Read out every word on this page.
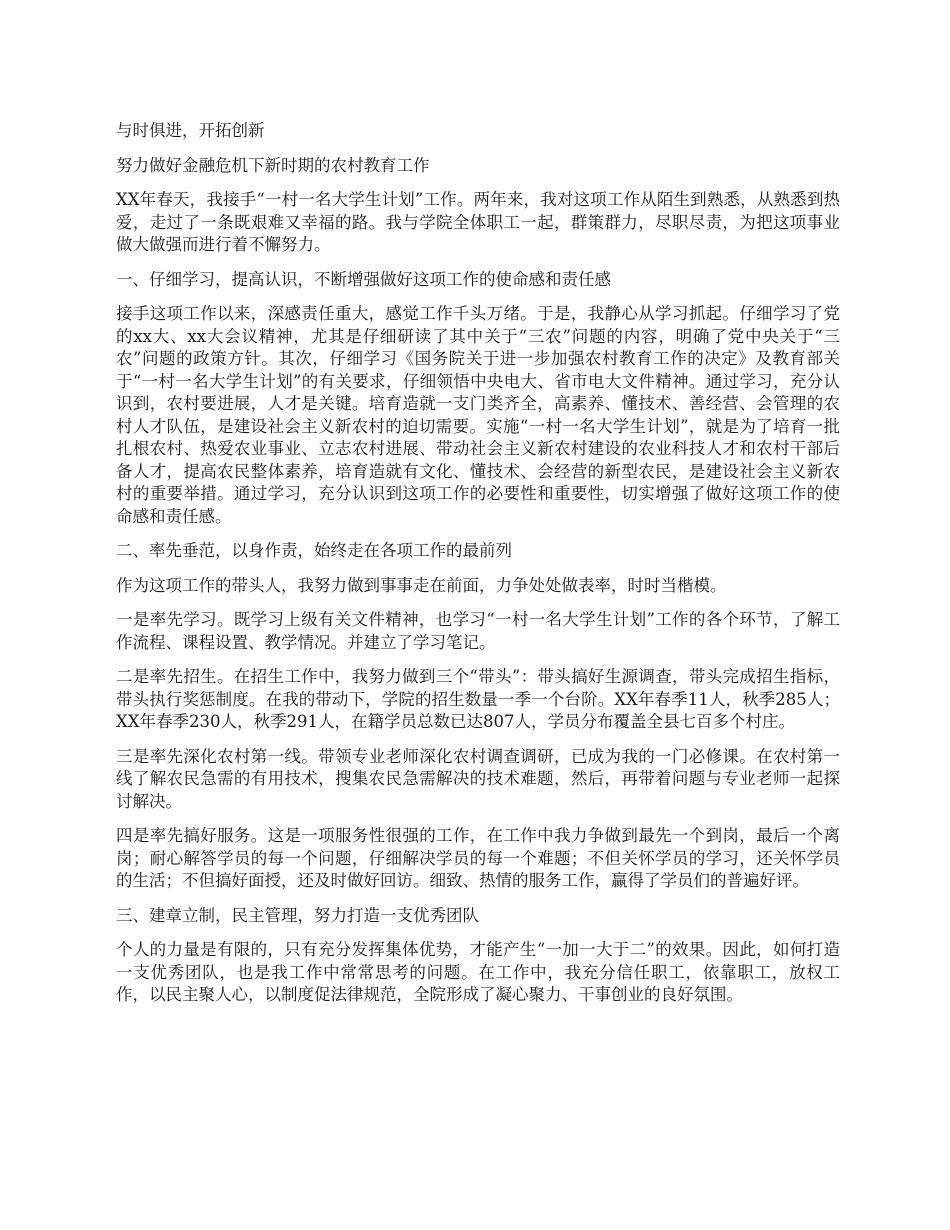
与时俱进，开拓创新
努力做好金融危机下新时期的农村教育工作

XX年春天，我接手“一村一名大学生计划”工作。两年来，我对这项工作从陌生到熟悉，从熟悉到热爱，走过了一条既艰难又幸福的路。我与学院全体职工一起，群策群力，尽职尽责，为把这项事业做大做强而进行着不懈努力。

一、仔细学习，提高认识，不断增强做好这项工作的使命感和责任感

接手这项工作以来，深感责任重大，感觉工作千头万绪。于是，我静心从学习抓起。仔细学习了党的xx大、xx大会议精神，尤其是仔细研读了其中关于“三农”问题的内容，明确了党中央关于“三农”问题的政策方针。其次，仔细学习《国务院关于进一步加强农村教育工作的决定》及教育部关于“一村一名大学生计划”的有关要求，仔细领悟中央电大、省市电大文件精神。通过学习，充分认识到，农村要进展，人才是关键。培育造就一支门类齐全，高素养、懂技术、善经营、会管理的农村人才队伍，是建设社会主义新农村的迫切需要。实施“一村一名大学生计划”，就是为了培育一批扎根农村、热爱农业事业、立志农村进展、带动社会主义新农村建设的农业科技人才和农村干部后备人才，提高农民整体素养，培育造就有文化、懂技术、会经营的新型农民，是建设社会主义新农村的重要举措。通过学习，充分认识到这项工作的必要性和重要性，切实增强了做好这项工作的使命感和责任感。

二、率先垂范，以身作责，始终走在各项工作的最前列

作为这项工作的带头人，我努力做到事事走在前面，力争处处做表率，时时当楷模。

一是率先学习。既学习上级有关文件精神，也学习“一村一名大学生计划”工作的各个环节，了解工作流程、课程设置、教学情况。并建立了学习笔记。

二是率先招生。在招生工作中，我努力做到三个“带头”：带头搞好生源调查，带头完成招生指标，带头执行奖惩制度。在我的带动下，学院的招生数量一季一个台阶。XX年春季11人，秋季285人；XX年春季230人，秋季291人，在籍学员总数已达807人，学员分布覆盖全县七百多个村庄。

三是率先深化农村第一线。带领专业老师深化农村调查调研，已成为我的一门必修课。在农村第一线了解农民急需的有用技术，搜集农民急需解决的技术难题，然后，再带着问题与专业老师一起探讨解决。

四是率先搞好服务。这是一项服务性很强的工作，在工作中我力争做到最先一个到岗，最后一个离岗；耐心解答学员的每一个问题，仔细解决学员的每一个难题；不但关怀学员的学习，还关怀学员的生活；不但搞好面授，还及时做好回访。细致、热情的服务工作，赢得了学员们的普遍好评。

三、建章立制，民主管理，努力打造一支优秀团队

个人的力量是有限的，只有充分发挥集体优势，才能产生“一加一大于二”的效果。因此，如何打造一支优秀团队，也是我工作中常常思考的问题。在工作中，我充分信任职工，依靠职工，放权工作，以民主聚人心，以制度促法律规范，全院形成了凝心聚力、干事创业的良好氛围。
